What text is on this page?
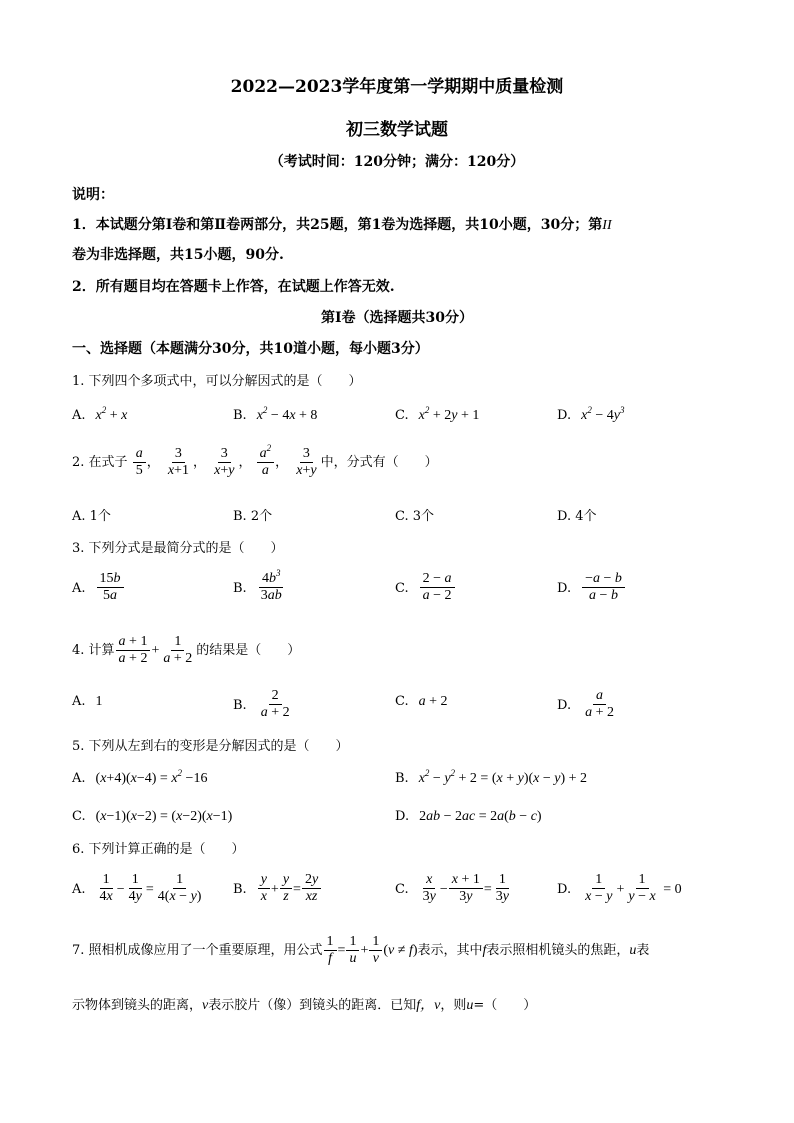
2022—2023学年度第一学期期中质量检测
初三数学试题
（考试时间：120分钟；满分：120分）
说明：
1．本试题分第Ⅰ卷和第Ⅱ卷两部分，共25题，第1卷为选择题，共10小题，30分；第II
卷为非选择题，共15小题，90分.
2．所有题目均在答题卡上作答，在试题上作答无效.
第Ⅰ卷（选择题共30分）
一、选择题（本题满分30分，共10道小题，每小题3分）
1. 下列四个多项式中，可以分解因式的是（　　）
A. $x^2 + x$	B. $x^2 - 4x + 8$	C. $x^2 + 2y + 1$	D. $x^2 - 4y^3$
2. 在式子 $\frac{a}{5}$ ， $\frac{3}{x+1}$ ， $\frac{3}{x+y}$ ， $\frac{a^2}{a}$ ， $\frac{3}{x+y}$ 中，分式有（　　）
A. 1个	B. 2个	C. 3个	D. 4个
3. 下列分式是最简分式的是（　　）
A. $\frac{15b}{5a}$	B. $\frac{4b^3}{3ab}$	C. $\frac{2 - a}{a - 2}$	D. $\frac{-a - b}{a - b}$
4. 计算 $\frac{a + 1}{a + 2} + \frac{1}{a + 2}$ 的结果是（　　）
A. 1	B. $\frac{2}{a + 2}$	C. a + 2	D. $\frac{a}{a + 2}$
5. 下列从左到右的变形是分解因式的是（　　）
A. $(x+4)(x-4) = x^2 -16$	B. $x^2 - y^2 + 2 = (x + y)(x - y) + 2$
C. (x−1)(x−2) = (x−2)(x−1)	D. 2ab − 2ac = 2a(b − c)
6. 下列计算正确的是（　　）
A. $\frac{1}{4x} - \frac{1}{4y} = \frac{1}{4(x - y)} B$. $\frac{y}{x} + \frac{y}{z} = \frac{2y}{xz}$	C. $\frac{x}{3y} - \frac{x + 1}{3y} = \frac{1}{3y}$	D. $\frac{1}{x - y} + \frac{1}{y - x} = 0$
7. 照相机成像应用了一个重要原理，用公式 $\frac{1}{f} = \frac{1}{u} + \frac{1}{v} (v \ne f)$表示，其中f表示照相机镜头的焦距，u表
示物体到镜头的距离，v表示胶片（像）到镜头的距离．已知f，v，则u=（　　）
